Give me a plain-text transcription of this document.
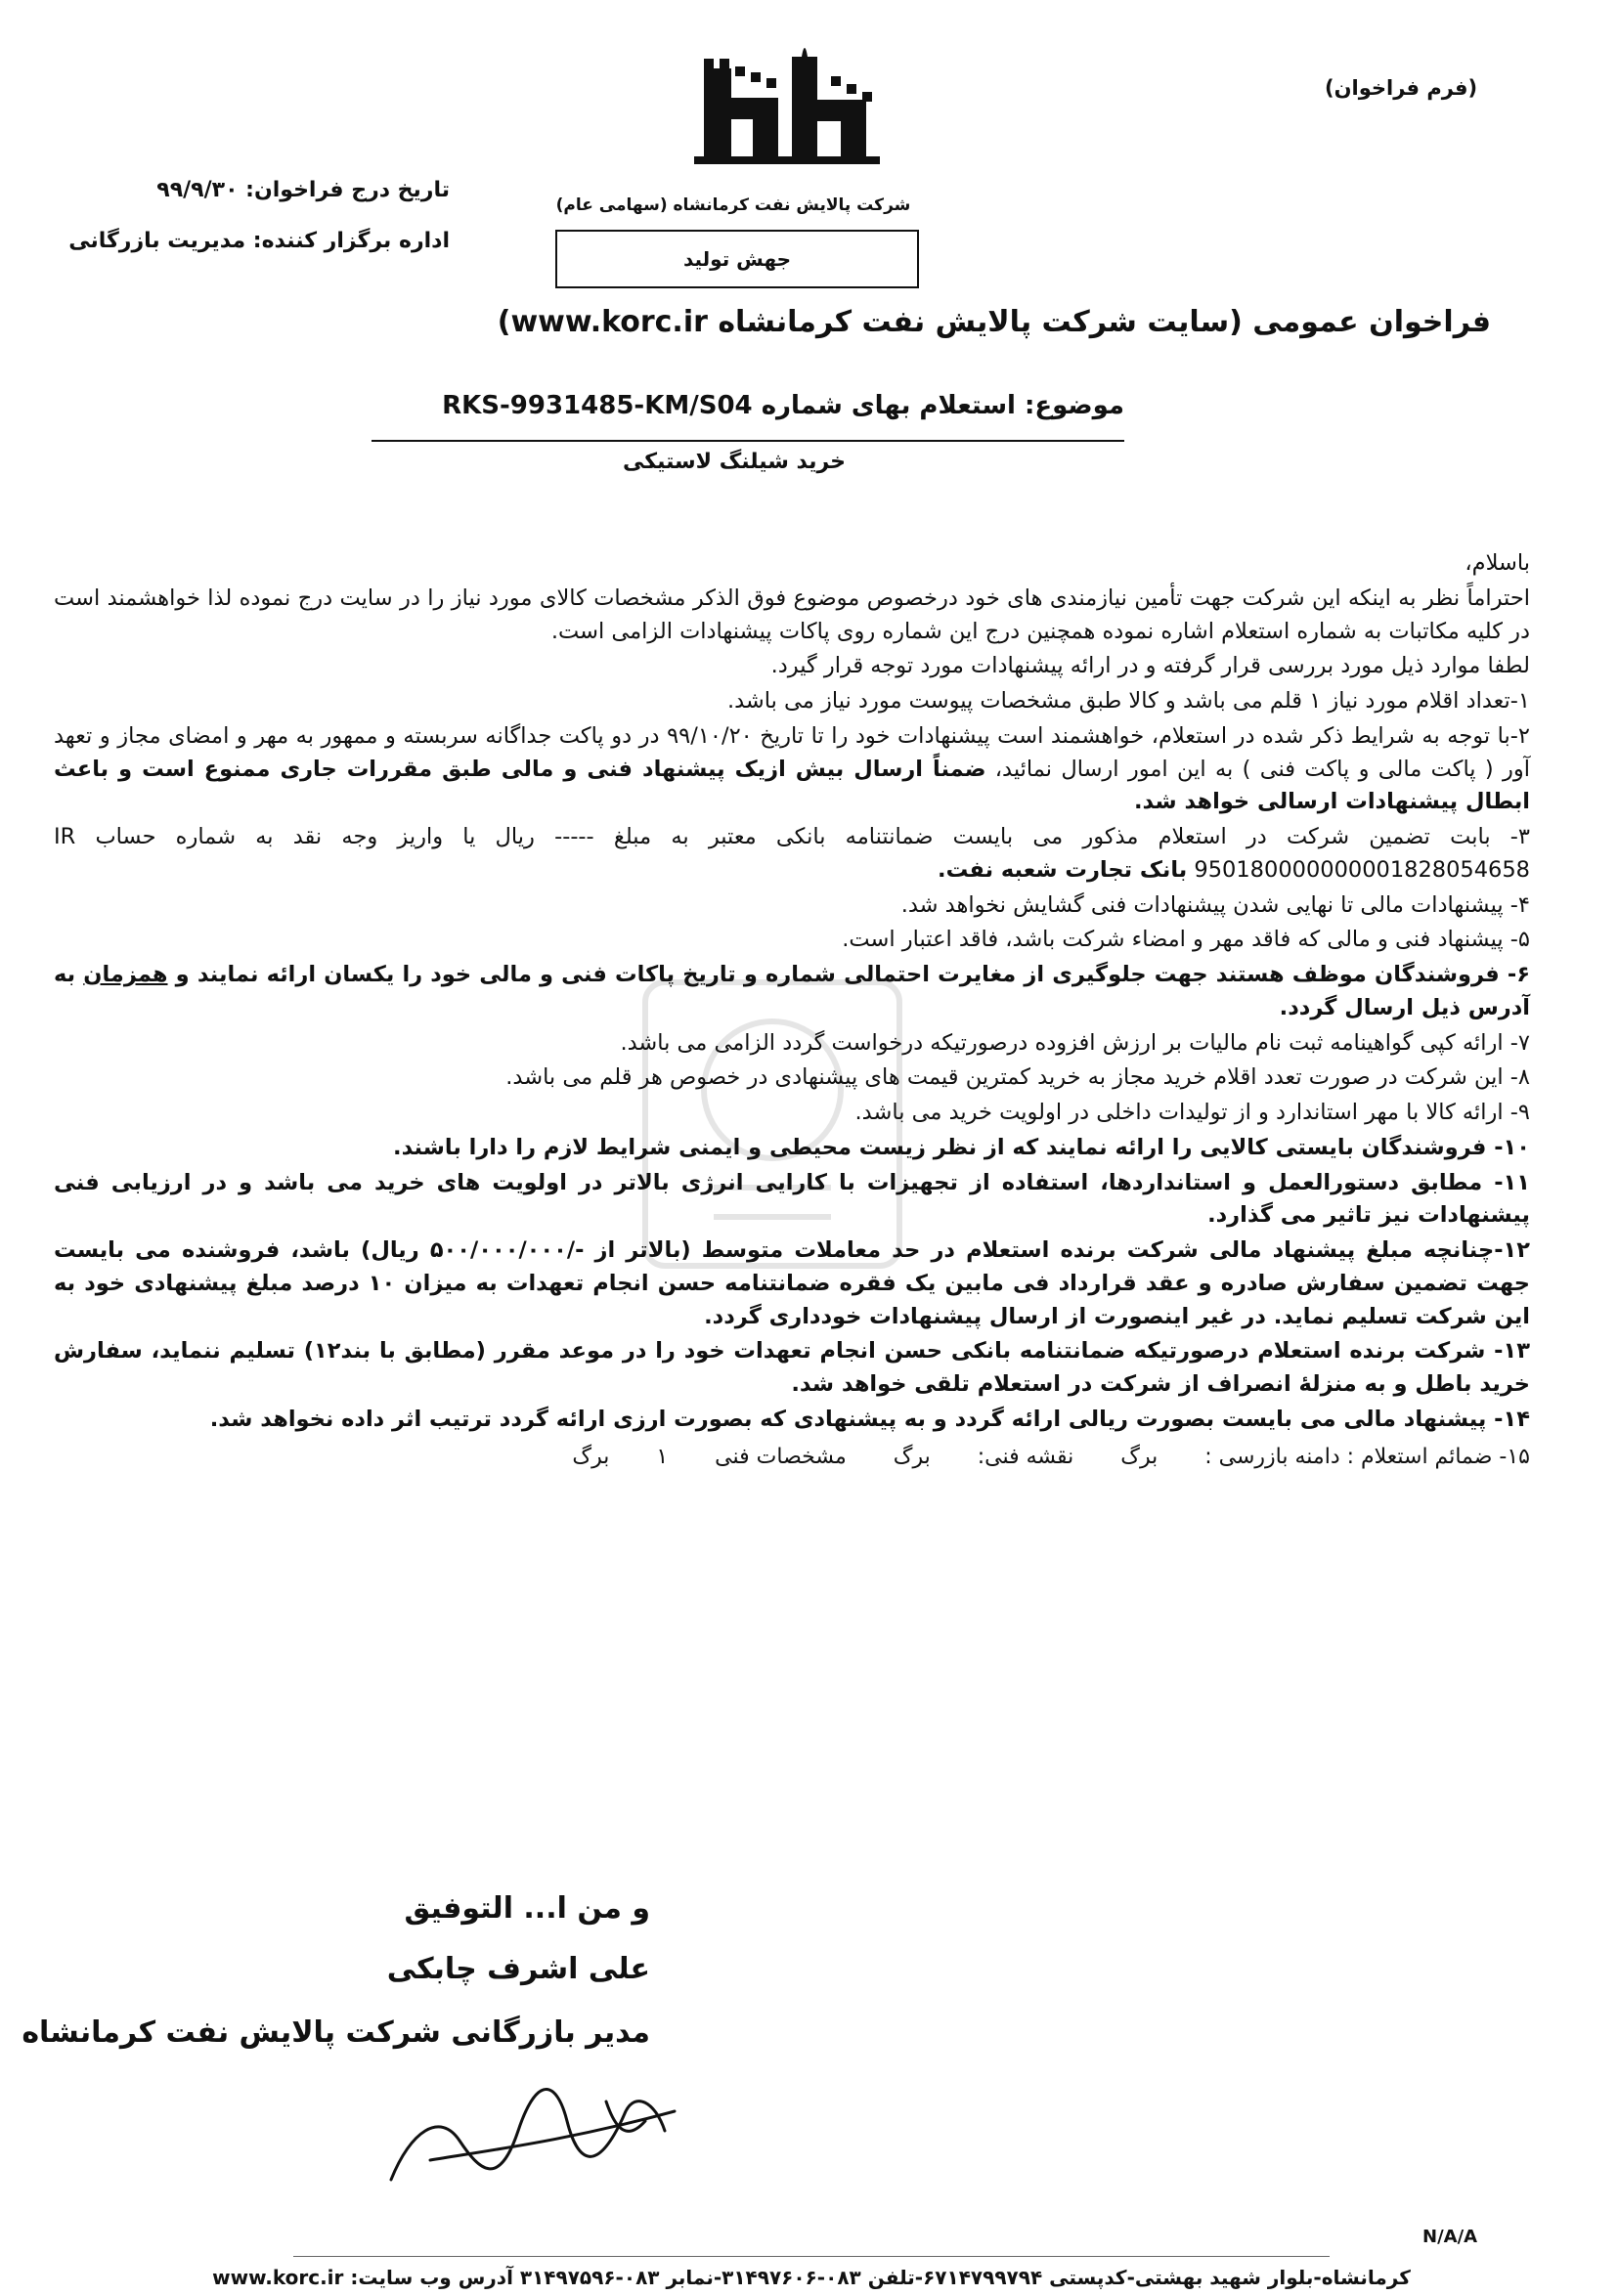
(فرم فراخوان)
شرکت پالایش نفت کرمانشاه (سهامی عام)
جهش تولید
تاریخ درج فراخوان: ۹۹/۹/۳۰
اداره برگزار کننده: مدیریت بازرگانی
فراخوان عمومی (سایت شرکت پالایش نفت کرمانشاه www.korc.ir)
موضوع: استعلام بهای شماره RKS-9931485-KM/S04
خرید شیلنگ لاستیکی

باسلام،

احتراماً نظر به اینکه این شرکت جهت تأمین نیازمندی های خود درخصوص موضوع فوق الذکر مشخصات کالای مورد نیاز را در سایت درج نموده لذا خواهشمند است در کلیه مکاتبات به شماره استعلام اشاره نموده همچنین درج این شماره روی پاکات پیشنهادات الزامی است.

لطفا موارد ذیل مورد بررسی قرار گرفته و در ارائه پیشنهادات مورد توجه قرار گیرد.

۱-تعداد اقلام مورد نیاز ۱ قلم می باشد و کالا طبق مشخصات پیوست مورد نیاز می باشد.

۲-با توجه به شرایط ذکر شده در استعلام، خواهشمند است پیشنهادات خود را تا تاریخ ۹۹/۱۰/۲۰ در دو پاکت جداگانه سربسته و ممهور به مهر و امضای مجاز و تعهد آور ( پاکت مالی و پاکت فنی ) به این امور ارسال نمائید، ضمناً ارسال بیش ازیک پیشنهاد فنی و مالی طبق مقررات جاری ممنوع است و باعث ابطال پیشنهادات ارسالی خواهد شد.

۳- بابت تضمین شرکت در استعلام مذکور می بایست ضمانتنامه بانکی معتبر به مبلغ ----- ریال یا واریز وجه نقد به شماره حساب IR 950180000000001828054658 بانک تجارت شعبه نفت.

۴- پیشنهادات مالی تا نهایی شدن پیشنهادات فنی گشایش نخواهد شد.

۵- پیشنهاد فنی و مالی که فاقد مهر و امضاء شرکت باشد، فاقد اعتبار است.

۶- فروشندگان موظف هستند جهت جلوگیری از مغایرت احتمالی شماره و تاریخ پاکات فنی و مالی خود را یکسان ارائه نمایند و همزمان به آدرس ذیل ارسال گردد.

۷- ارائه کپی گواهینامه ثبت نام مالیات بر ارزش افزوده درصورتیکه درخواست گردد الزامی می باشد.

۸- این شرکت در صورت تعدد اقلام خرید مجاز به خرید کمترین قیمت های پیشنهادی در خصوص هر قلم می باشد.

۹- ارائه کالا با مهر استاندارد و از تولیدات داخلی در اولویت خرید می باشد.

۱۰- فروشندگان بایستی کالایی را ارائه نمایند که از نظر زیست محیطی و ایمنی شرایط لازم را دارا باشند.

۱۱- مطابق دستورالعمل و استانداردها، استفاده از تجهیزات با کارایی انرژی بالاتر در اولویت های خرید می باشد و در ارزیابی فنی پیشنهادات نیز تاثیر می گذارد.

۱۲-چنانچه مبلغ پیشنهاد مالی شرکت برنده استعلام در حد معاملات متوسط (بالاتر از -/۵۰۰/۰۰۰/۰۰۰ ریال) باشد، فروشنده می بایست جهت تضمین سفارش صادره و عقد قرارداد فی مابین یک فقره ضمانتنامه حسن انجام تعهدات به میزان ۱۰ درصد مبلغ پیشنهادی خود به این شرکت تسلیم نماید. در غیر اینصورت از ارسال پیشنهادات خودداری گردد.

۱۳- شرکت برنده استعلام درصورتیکه ضمانتنامه بانکی حسن انجام تعهدات خود را در موعد مقرر (مطابق با بند۱۲) تسلیم ننماید، سفارش خرید باطل و به منزلهٔ انصراف از شرکت در استعلام تلقی خواهد شد.

۱۴- پیشنهاد مالی می بایست بصورت ریالی ارائه گردد و به پیشنهادی که بصورت ارزی ارائه گردد ترتیب اثر داده نخواهد شد.

۱۵- ضمائم استعلام : دامنه بازرسی :
برگ
نقشه فنی:
برگ
مشخصات فنی
۱
برگ
و من ا... التوفیق
علی اشرف چابکی
مدیر بازرگانی شرکت پالایش نفت کرمانشاه
N/A/A
کرمانشاه-بلوار شهید بهشتی-کدپستی ۶۷۱۴۷۹۹۷۹۴-تلفن ۰۸۳-۳۱۴۹۷۶۰۶-نمابر ۰۸۳-۳۱۴۹۷۵۹۶ آدرس وب سایت: www.korc.ir
